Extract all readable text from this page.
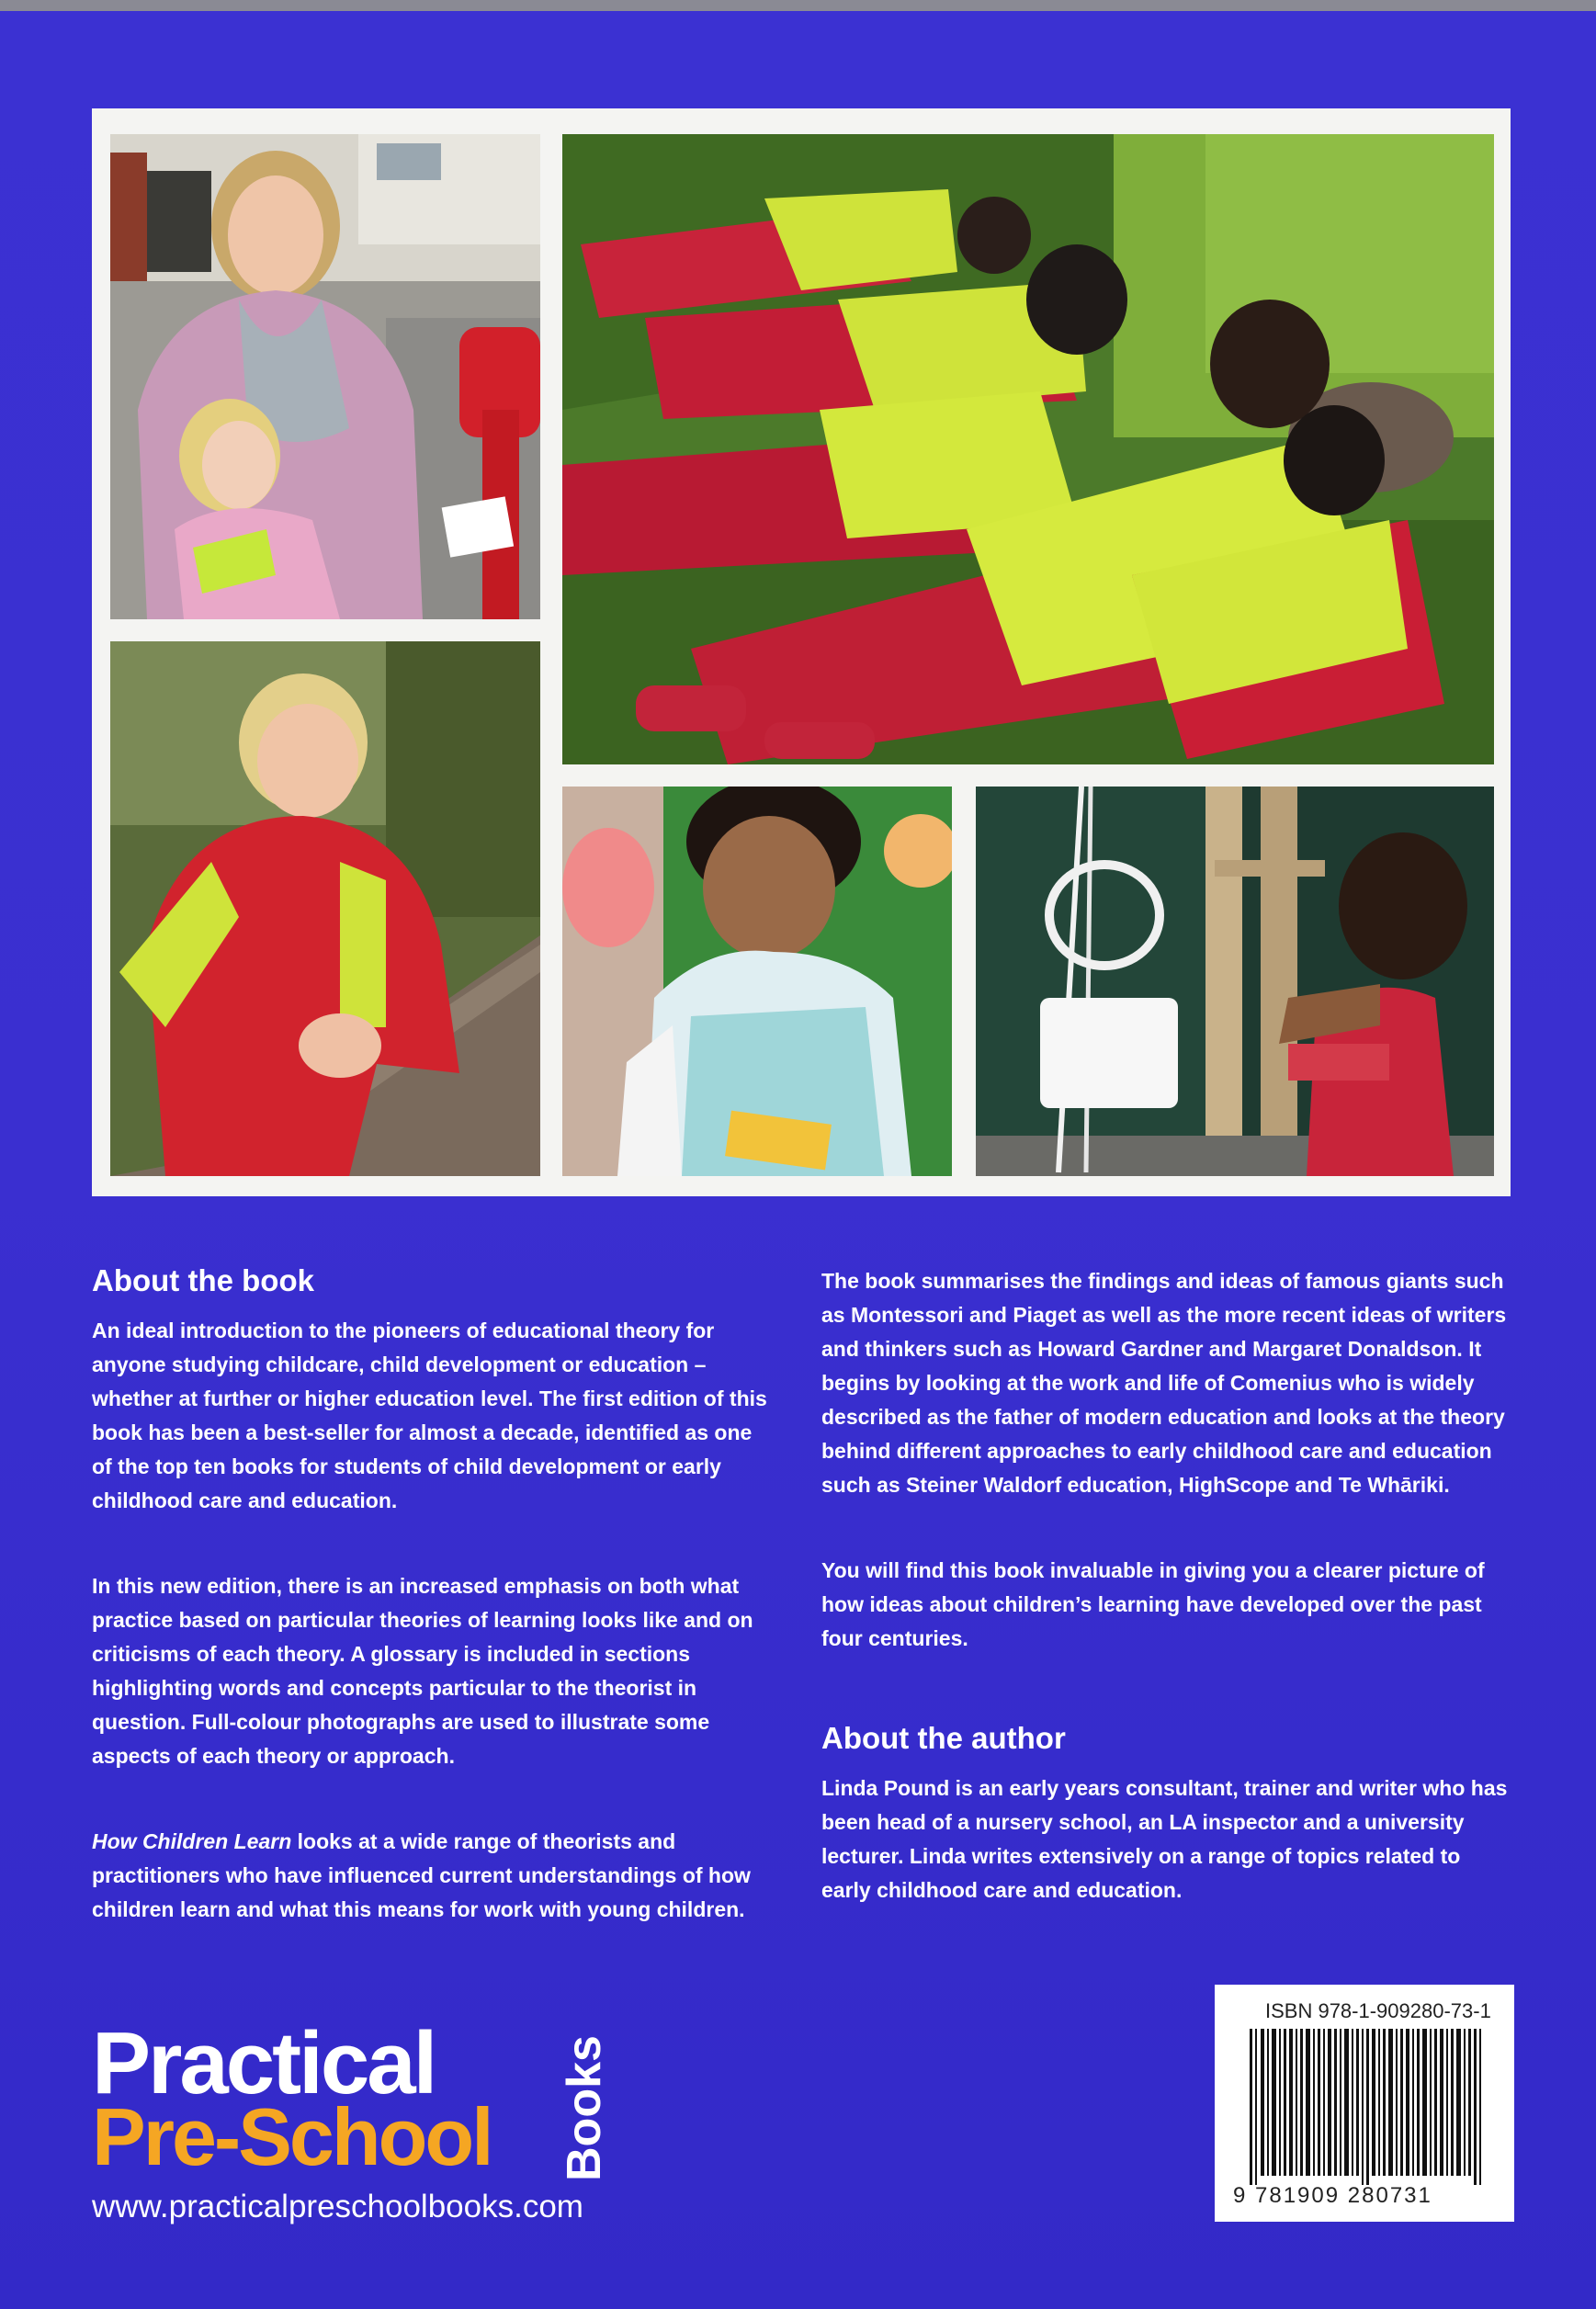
About the book

An ideal introduction to the pioneers of educational theory for anyone studying childcare, child development or education – whether at further or higher education level. The first edition of this book has been a best-seller for almost a decade, identified as one of the top ten books for students of child development or early childhood care and education.

In this new edition, there is an increased emphasis on both what practice based on particular theories of learning looks like and on criticisms of each theory. A glossary is included in sections highlighting words and concepts particular to the theorist in question. Full-colour photographs are used to illustrate some aspects of each theory or approach.

How Children Learn looks at a wide range of theorists and practitioners who have influenced current understandings of how children learn and what this means for work with young children.

The book summarises the findings and ideas of famous giants such as Montessori and Piaget as well as the more recent ideas of writers and thinkers such as Howard Gardner and Margaret Donaldson. It begins by looking at the work and life of Comenius who is widely described as the father of modern education and looks at the theory behind different approaches to early childhood care and education such as Steiner Waldorf education, HighScope and Te Whāriki.

You will find this book invaluable in giving you a clearer picture of how ideas about children’s learning have developed over the past four centuries.

About the author

Linda Pound is an early years consultant, trainer and writer who has been head of a nursery school, an LA inspector and a university lecturer. Linda writes extensively on a range of topics related to early childhood care and education.

Practical
Pre-School Books
www.practicalpreschoolbooks.com
ISBN 978-1-909280-73-1
9 781909 280731
